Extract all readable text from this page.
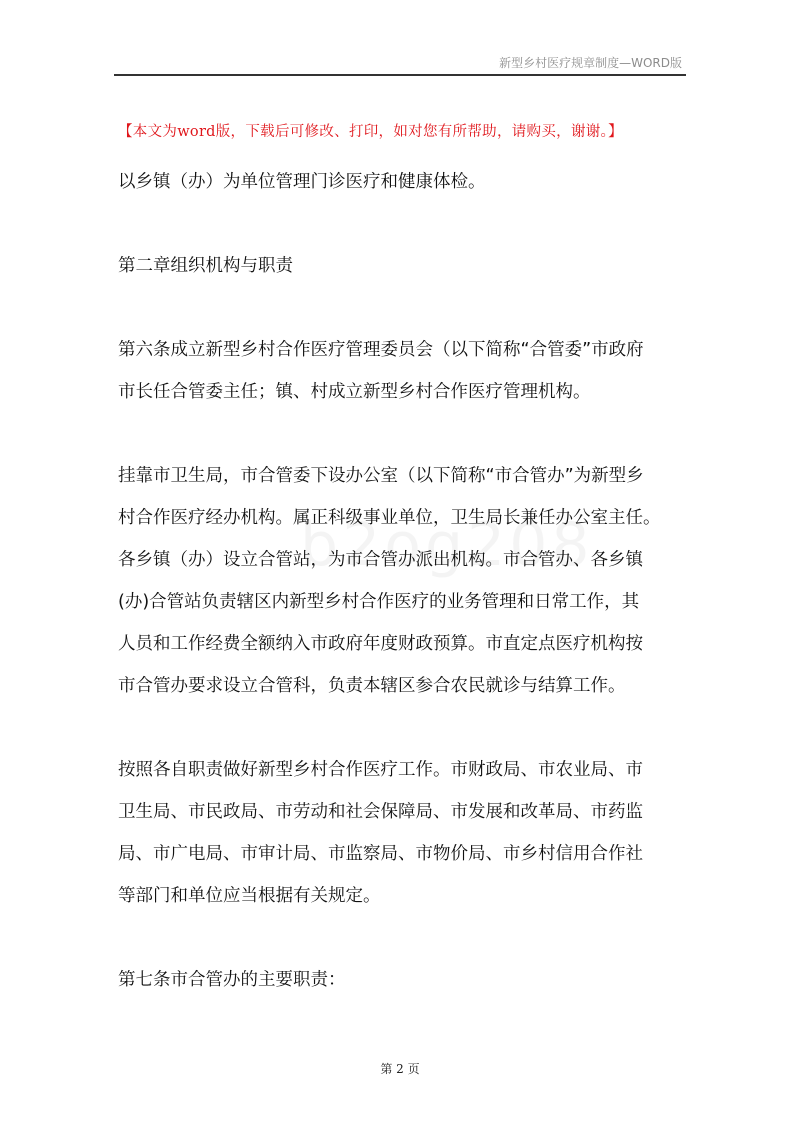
新型乡村医疗规章制度—WORD版
【本文为word版，下载后可修改、打印，如对您有所帮助，请购买，谢谢。】
以乡镇（办）为单位管理门诊医疗和健康体检。
第二章组织机构与职责
第六条成立新型乡村合作医疗管理委员会（以下简称“合管委”市政府
市长任合管委主任；镇、村成立新型乡村合作医疗管理机构。
挂靠市卫生局，市合管委下设办公室（以下简称“市合管办”为新型乡
村合作医疗经办机构。属正科级事业单位，卫生局长兼任办公室主任。
各乡镇（办）设立合管站，为市合管办派出机构。市合管办、各乡镇
(办)合管站负责辖区内新型乡村合作医疗的业务管理和日常工作，其
人员和工作经费全额纳入市政府年度财政预算。市直定点医疗机构按
市合管办要求设立合管科，负责本辖区参合农民就诊与结算工作。
按照各自职责做好新型乡村合作医疗工作。市财政局、市农业局、市
卫生局、市民政局、市劳动和社会保障局、市发展和改革局、市药监
局、市广电局、市审计局、市监察局、市物价局、市乡村信用合作社
等部门和单位应当根据有关规定。
第七条市合管办的主要职责：
第 2 页
